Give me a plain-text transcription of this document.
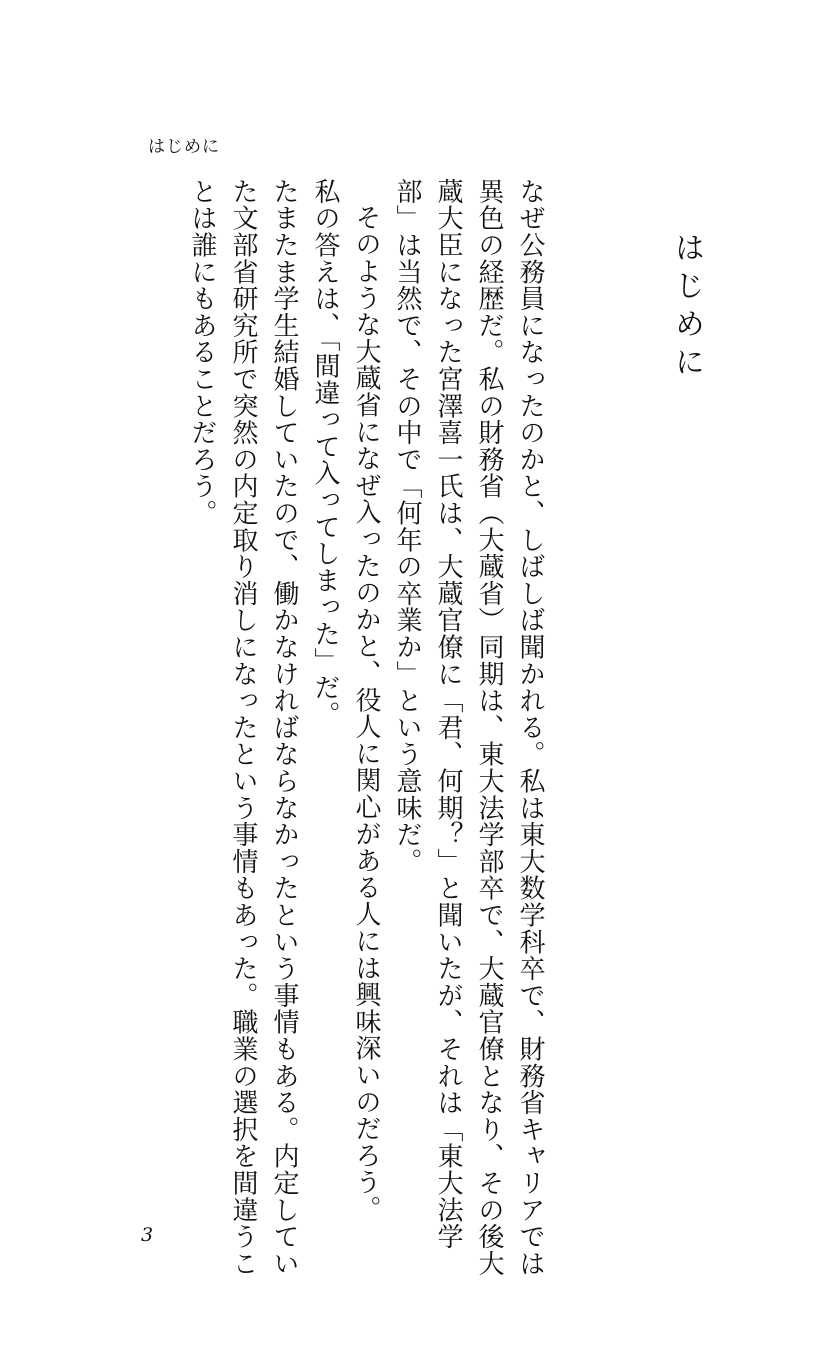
はじめに
はじめに

なぜ公務員になったのかと、しばしば聞かれる。私は東大数学科卒で、財務省キャリアでは異色の経歴だ。私の財務省（大蔵省）同期は、東大法学部卒で、大蔵官僚となり、その後大蔵大臣になった宮澤喜一氏は、大蔵官僚に「君、何期？」と聞いたが、それは「東大法学部」は当然で、その中で「何年の卒業か」という意味だ。

そのような大蔵省になぜ入ったのかと、役人に関心がある人には興味深いのだろう。

私の答えは、「間違って入ってしまった」だ。

たまたま学生結婚していたので、働かなければならなかったという事情もある。内定していた文部省研究所で突然の内定取り消しになったという事情もあった。職業の選択を間違うことは誰にもあることだろう。

3
